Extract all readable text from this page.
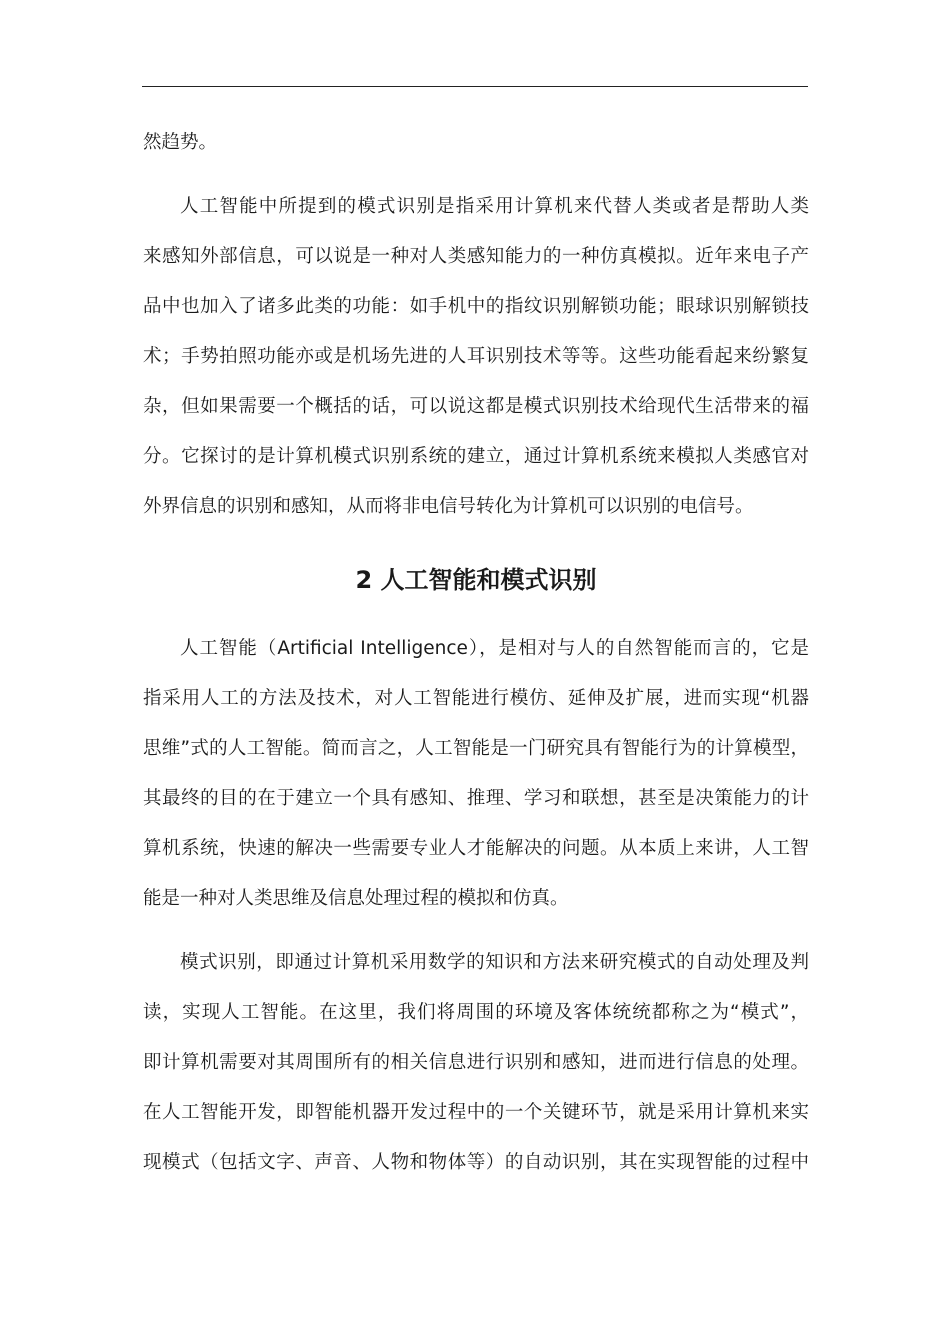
然趋势。
人工智能中所提到的模式识别是指采用计算机来代替人类或者是帮助人类
来感知外部信息，可以说是一种对人类感知能力的一种仿真模拟。近年来电子产
品中也加入了诸多此类的功能：如手机中的指纹识别解锁功能；眼球识别解锁技
术；手势拍照功能亦或是机场先进的人耳识别技术等等。这些功能看起来纷繁复
杂，但如果需要一个概括的话，可以说这都是模式识别技术给现代生活带来的福
分。它探讨的是计算机模式识别系统的建立，通过计算机系统来模拟人类感官对
外界信息的识别和感知，从而将非电信号转化为计算机可以识别的电信号。
2 人工智能和模式识别
人工智能（Artificial Intelligence），是相对与人的自然智能而言的，它是
指采用人工的方法及技术，对人工智能进行模仿、延伸及扩展，进而实现“机器
思维”式的人工智能。简而言之，人工智能是一门研究具有智能行为的计算模型，
其最终的目的在于建立一个具有感知、推理、学习和联想，甚至是决策能力的计
算机系统，快速的解决一些需要专业人才能解决的问题。从本质上来讲，人工智
能是一种对人类思维及信息处理过程的模拟和仿真。
模式识别，即通过计算机采用数学的知识和方法来研究模式的自动处理及判
读，实现人工智能。在这里，我们将周围的环境及客体统统都称之为“模式”，
即计算机需要对其周围所有的相关信息进行识别和感知，进而进行信息的处理。
在人工智能开发，即智能机器开发过程中的一个关键环节，就是采用计算机来实
现模式（包括文字、声音、人物和物体等）的自动识别，其在实现智能的过程中
